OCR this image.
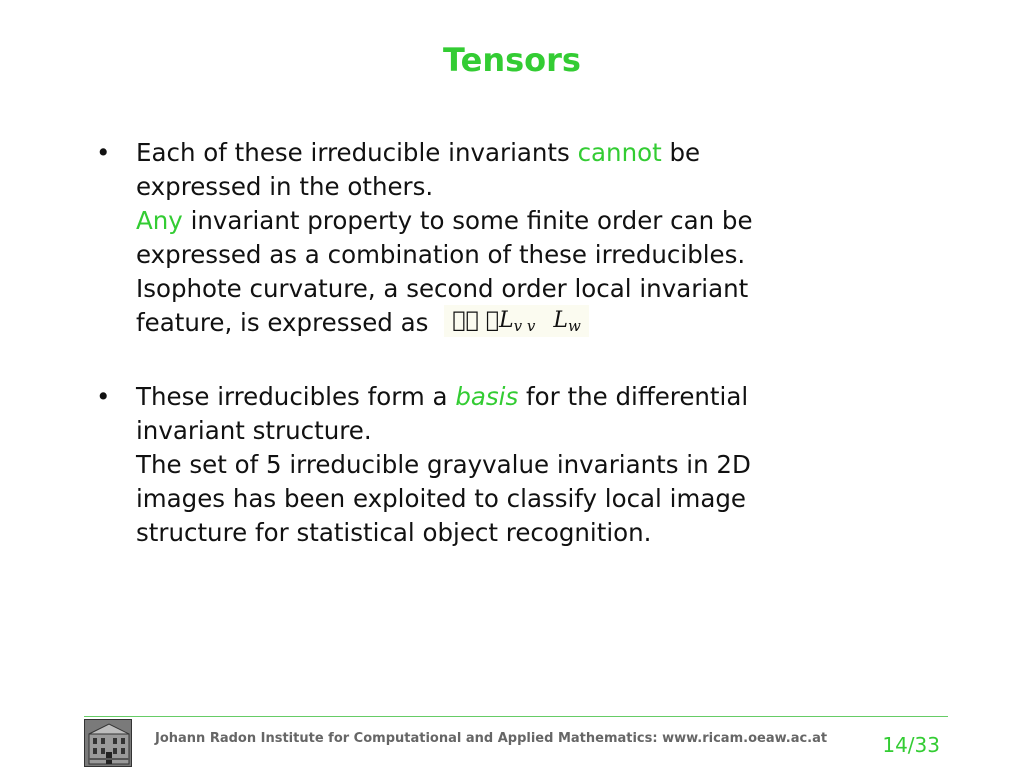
Tensors
•	Each of these irreducible invariants cannot be
expressed in the others.
Any invariant property to some finite order can be
expressed as a combination of these irreducibles.
Isophote curvature, a second order local invariant
feature, is expressed as $L_{v v}$ $L_w$
•	These irreducibles form a basis for the differential
invariant structure.
The set of 5 irreducible grayvalue invariants in 2D
images has been exploited to classify local image
structure for statistical object recognition.
Johann Radon Institute for Computational and Applied Mathematics: www.ricam.oeaw.ac.at	14/33
